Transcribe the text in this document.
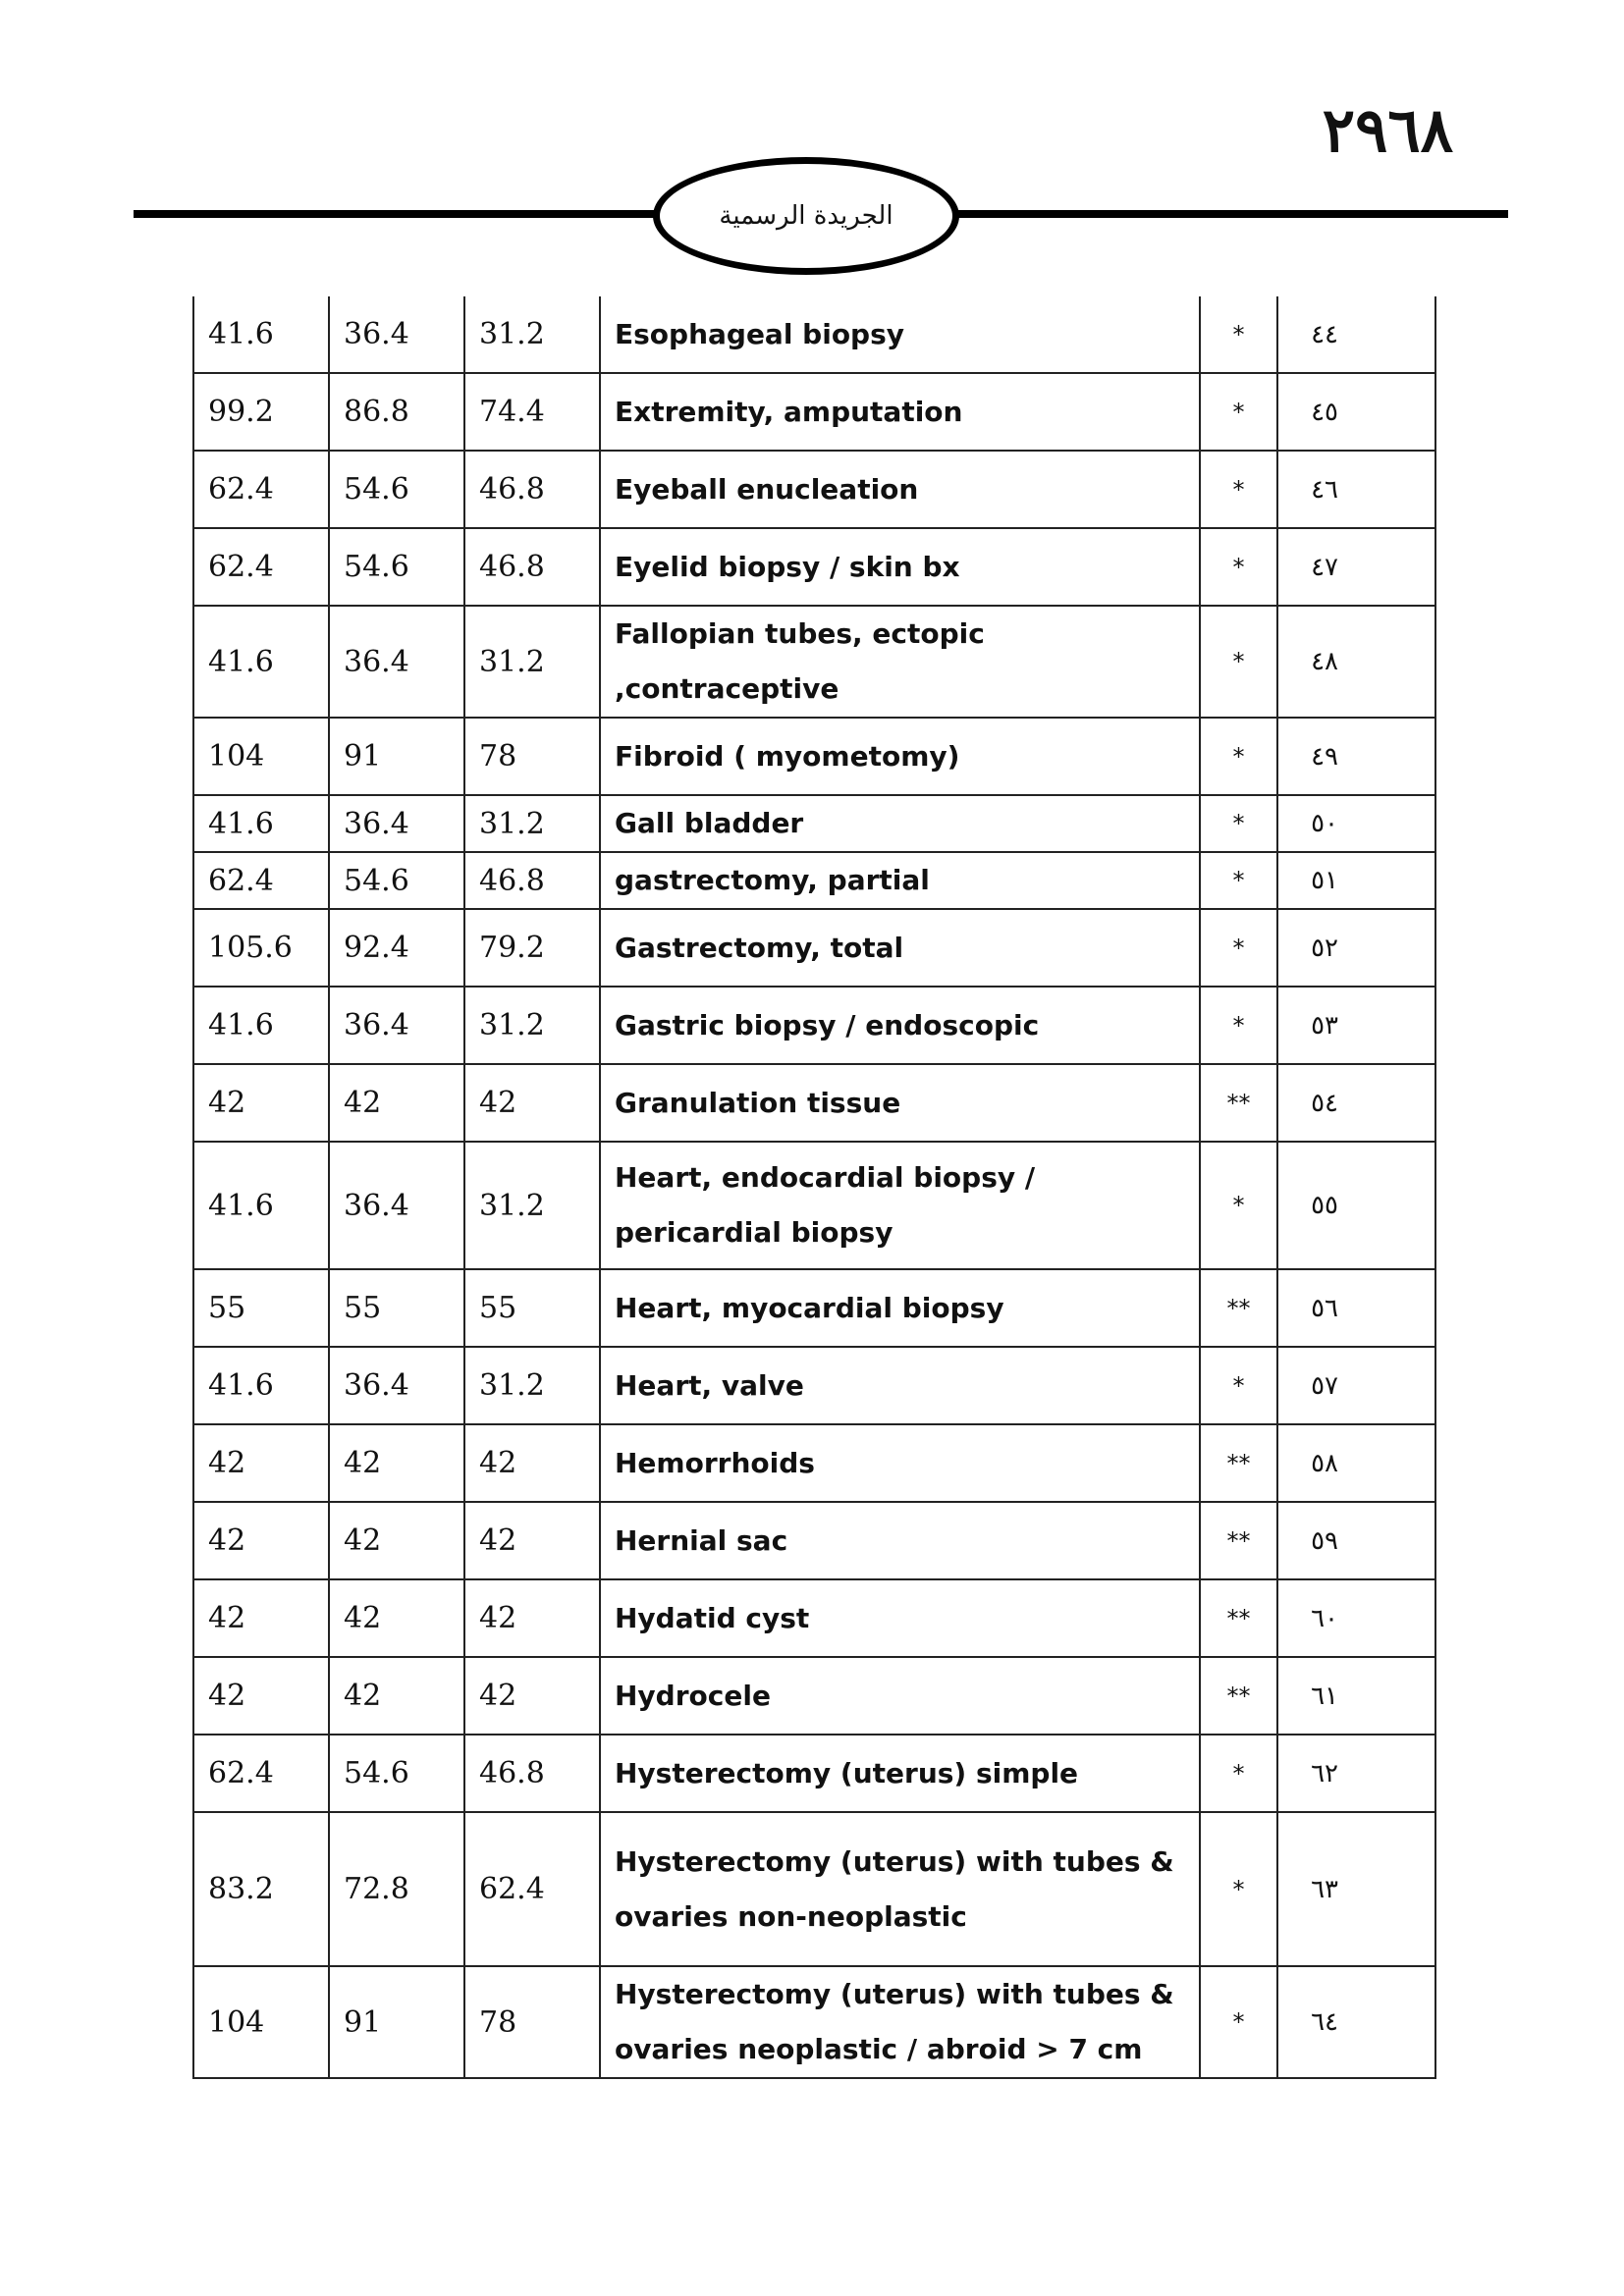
٢٩٦٨
الجريدة الرسمية
41.6	36.4	31.2	Esophageal biopsy	*	٤٤
99.2	86.8	74.4	Extremity, amputation	*	٤٥
62.4	54.6	46.8	Eyeball enucleation	*	٤٦
62.4	54.6	46.8	Eyelid biopsy / skin bx	*	٤٧
41.6	36.4	31.2	Fallopian tubes, ectopic ,contraceptive	*	٤٨
104	91	78	Fibroid ( myometomy)	*	٤٩
41.6	36.4	31.2	Gall bladder	*	٥٠
62.4	54.6	46.8	gastrectomy, partial	*	٥١
105.6	92.4	79.2	Gastrectomy, total	*	٥٢
41.6	36.4	31.2	Gastric biopsy / endoscopic	*	٥٣
42	42	42	Granulation tissue	**	٥٤
41.6	36.4	31.2	Heart, endocardial biopsy / pericardial biopsy	*	٥٥
55	55	55	Heart, myocardial biopsy	**	٥٦
41.6	36.4	31.2	Heart, valve	*	٥٧
42	42	42	Hemorrhoids	**	٥٨
42	42	42	Hernial sac	**	٥٩
42	42	42	Hydatid cyst	**	٦٠
42	42	42	Hydrocele	**	٦١
62.4	54.6	46.8	Hysterectomy (uterus) simple	*	٦٢
83.2	72.8	62.4	Hysterectomy (uterus) with tubes & ovaries non-neoplastic	*	٦٣
104	91	78	Hysterectomy (uterus) with tubes & ovaries neoplastic / abroid > 7 cm	*	٦٤
